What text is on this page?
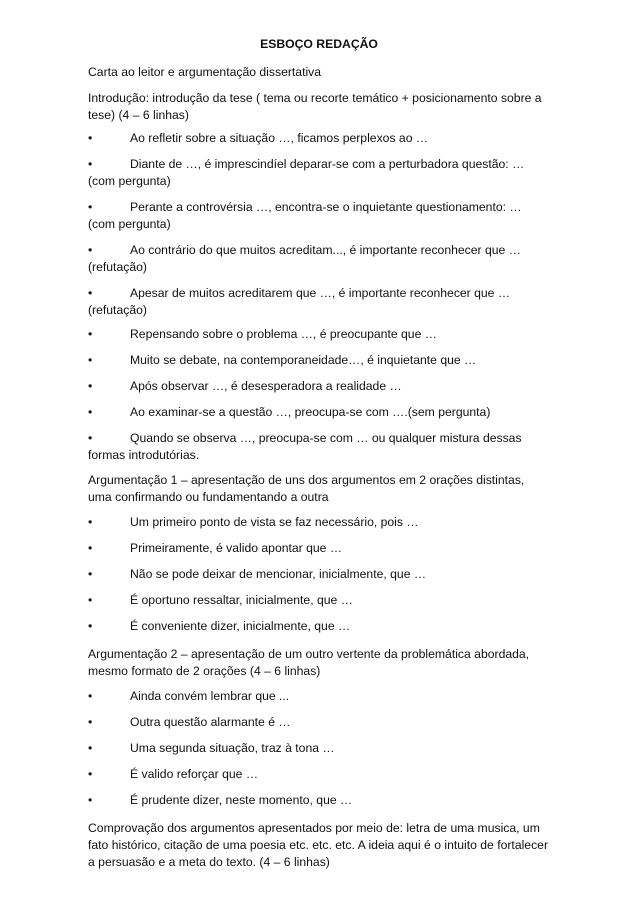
ESBOÇO REDAÇÃO

Carta ao leitor e argumentação dissertativa

Introdução: introdução da tese ( tema ou recorte temático + posicionamento sobre a tese) (4 – 6 linhas)

•	Ao refletir sobre a situação …, ficamos perplexos ao …

•	Diante de …, é imprescindíel deparar-se com a perturbadora questão: … (com pergunta)

•	Perante a controvérsia …, encontra-se o inquietante questionamento: … (com pergunta)

•	Ao contrário do que muitos acreditam..., é importante reconhecer que … (refutação)

•	Apesar de muitos acreditarem que …, é importante reconhecer que … (refutação)

•	Repensando sobre o problema …, é preocupante que …

•	Muito se debate, na contemporaneidade…, é inquietante que …

•	Após observar …, é desesperadora a realidade …

•	Ao examinar-se a questão …, preocupa-se com ….(sem pergunta)

•	Quando se observa …, preocupa-se com … ou qualquer mistura dessas formas introdutórias.

Argumentação 1 – apresentação de uns dos argumentos em 2 orações distintas, uma confirmando ou fundamentando a outra

•	Um primeiro ponto de vista se faz necessário, pois …

•	Primeiramente, é valido apontar que …

•	Não se pode deixar de mencionar, inicialmente, que …

•	É oportuno ressaltar, inicialmente, que …

•	É conveniente dizer, inicialmente, que …

Argumentação 2 – apresentação de um outro vertente da problemática abordada, mesmo formato de 2 orações (4 – 6 linhas)

•	Ainda convém lembrar que ...

•	Outra questão alarmante é …

•	Uma segunda situação, traz à tona …

•	É valido reforçar que …

•	É prudente dizer, neste momento, que …

Comprovação dos argumentos apresentados por meio de: letra de uma musica, um fato histórico, citação de uma poesia etc. etc. etc. A ideia aqui é o intuito de fortalecer a persuasão e a meta do texto. (4 – 6 linhas)
